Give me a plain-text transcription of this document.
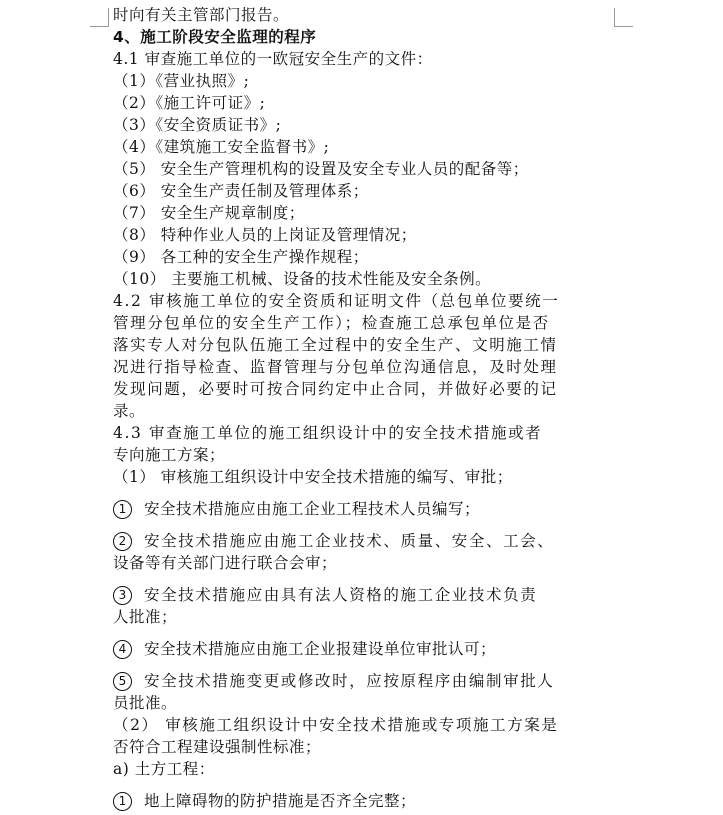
时向有关主管部门报告。
4、施工阶段安全监理的程序
4.1 审查施工单位的一欧冠安全生产的文件：
（1）《营业执照》;
（2）《施工许可证》;
（3）《安全资质证书》;
（4）《建筑施工安全监督书》;
（5） 安全生产管理机构的设置及安全专业人员的配备等；
（6） 安全生产责任制及管理体系；
（7） 安全生产规章制度；
（8） 特种作业人员的上岗证及管理情况；
（9） 各工种的安全生产操作规程；
（10） 主要施工机械、设备的技术性能及安全条例。
4.2 审核施工单位的安全资质和证明文件（总包单位要统一
管理分包单位的安全生产工作）；检查施工总承包单位是否
落实专人对分包队伍施工全过程中的安全生产、文明施工情
况进行指导检查、监督管理与分包单位沟通信息，及时处理
发现问题，必要时可按合同约定中止合同，并做好必要的记
录。
4.3 审查施工单位的施工组织设计中的安全技术措施或者
专向施工方案；
（1） 审核施工组织设计中安全技术措施的编写、审批；
1 安全技术措施应由施工企业工程技术人员编写；
2 安全技术措施应由施工企业技术、质量、安全、工会、
设备等有关部门进行联合会审；
3 安全技术措施应由具有法人资格的施工企业技术负责
人批准；
4 安全技术措施应由施工企业报建设单位审批认可；
5 安全技术措施变更或修改时，应按原程序由编制审批人
员批准。
（2） 审核施工组织设计中安全技术措施或专项施工方案是
否符合工程建设强制性标准；
a) 土方工程：
1 地上障碍物的防护措施是否齐全完整；
